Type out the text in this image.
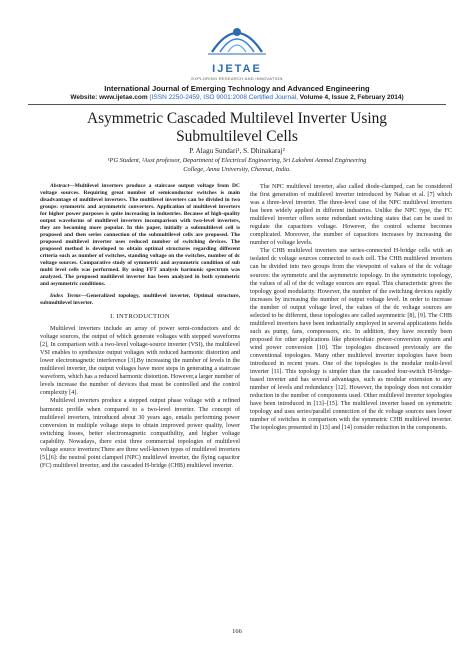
IJETAE
EXPLORING RESEARCH AND INNOVATION
International Journal of Emerging Technology and Advanced Engineering
Website: www.ijetae.com (ISSN 2250-2459, ISO 9001:2008 Certified Journal, Volume 4, Issue 2, February 2014)
Asymmetric Cascaded Multilevel Inverter Using
Submultilevel Cells
P. Alagu Sundari¹, S. Dhinakaraj²
¹PG Student, ²Asst professor, Department of Electrical Engineering, Sri Lakshmi Ammal Engineering College, Anna University, Chennai, India.

Abstract—Multilevel inverters produce a staircase output voltage from DC voltage sources. Requiring great number of semiconductor switches is main disadvantage of multilevel inverters. The multilevel inverters can be divided in two groups: symmetric and asymmetric converters. Application of multilevel inverters for higher power purposes is quite increasing in industries. Because of high-quality output waveforms of multilevel inverters incomparison with two-level inverters, they are becoming more popular. In this paper, initially a submultilevel cell is proposed and then series connection of the submultilevel cells are proposed. The proposed multilevel inverter uses reduced number of switching devices. The proposed method is developed to obtain optimal structures regarding different criteria such as number of switches, standing voltage on the switches, number of dc voltage sources. Comparative study of symmetric and asymmetric condition of sub multi level cells was performed. By using FFT analysis harmonic spectrum was analyzed. The proposed multilevel inverter has been analyzed in both symmetric and asymmetric conditions.

Index Terms—Generalized topology, multilevel inverter, Optimal structure, submultilevel inverter.

I. INTRODUCTION

Multilevel inverters include an array of power semi-conductors and dc voltage sources, the output of which generate voltages with stepped waveforms [2], In comparison with a two-level voltage-source inverter (VSI), the multilevel VSI enables to synthesize output voltages with reduced harmonic distortion and lower electromagnetic interference [3].By increasing the number of levels in the multilevel inverter, the output voltages have more steps in generating a staircase waveform, which has a reduced harmonic distortion. However,a larger number of levels increase the number of devices that must be controlled and the control complexity [4].

Multilevel inverters produce a stepped output phase voltage with a refined harmonic profile when compared to a two-level inverter. The concept of multilevel inverters, introduced about 30 years ago, entails performing power conversion in multiple voltage steps to obtain improved power quality, lower switching losses, better electromagnetic compatibility, and higher voltage capability. Nowadays, there exist three commercial topologies of multilevel voltage source inverters:There are three well-known types of multilevel inverters [5],[6]: the neutral point clamped (NPC) multilevel inverter, the flying capacitor (FC) multilevel inverter, and the cascaded H-bridge (CHB) multilevel inverter.

The NPC multilevel inverter, also called diode-clamped, can be considered the first generation of multilevel inverter introduced by Nabae et al. [7] which was a three-level inverter. The three-level case of the NPC multilevel inverters has been widely applied in different industries. Unlike the NPC type, the FC multilevel inverter offers some redundant switching states that can be used to regulate the capacitors voltage. However, the control scheme becomes complicated. Moreover, the number of capacitors increases by increasing the number of voltage levels.

The CHB multilevel inverters use series-connected H-bridge cells with an isolated dc voltage sources connected to each cell. The CHB multilevel inverters can be divided into two groups from the viewpoint of values of the dc voltage sources: the symmetric and the asymmetric topology. In the symmetric topology, the values of all of the dc voltage sources are equal. This characteristic gives the topology good modularity. However, the number of the switching devices rapidly increases by increasing the number of output voltage level. In order to increase the number of output voltage level, the values of the dc voltage sources are selected to be different, these topologies are called asymmetric [8], [9]. The CHB multilevel inverters have been industrially employed in several applications fields such as pump, fans, compressors, etc. In addition, they have recently been proposed for other applications like photovoltaic power-conversion system and wind power conversion [10]. The topologies discussed previously are the conventional topologies. Many other multilevel inverter topologies have been introduced in recent years. One of the topologies is the modular multi-level inverter [11]. This topology is simpler than the cascaded four-switch H-bridge-based inverter and has several advantages, such as modular extension to any number of levels and redundancy [12]. However, the topology does not consider reduction in the number of components used. Other multilevel inverter topologies have been introduced in [13]–[15]. The multilevel inverter based on symmetric topology and uses series/parallel connection of the dc voltage sources uses lower number of switches in comparison with the symmetric CHB multilevel inverter. The topologies presented in [13] and [14] consider reduction in the components.

166
